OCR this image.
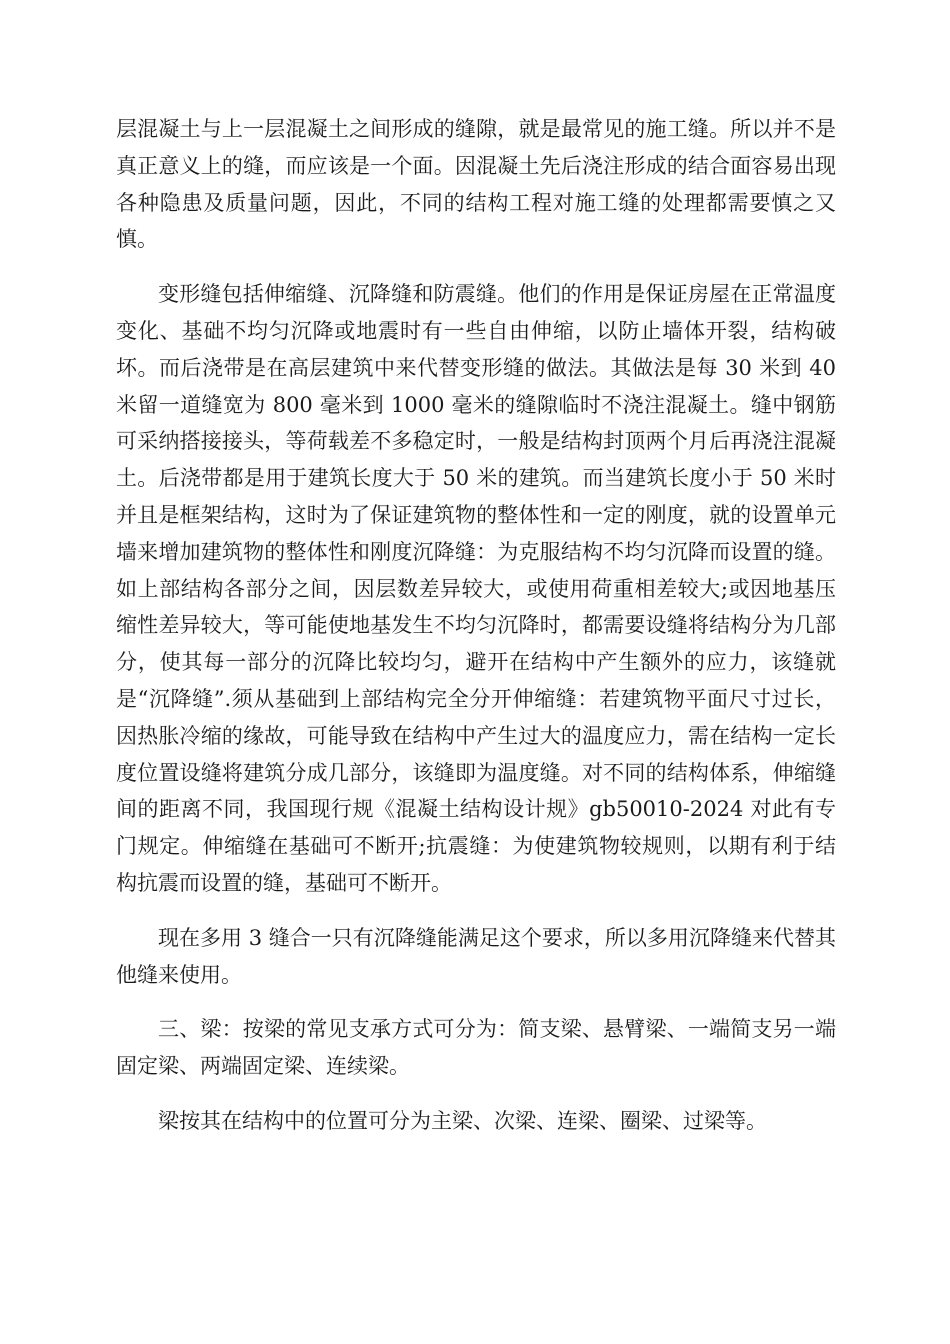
层混凝土与上一层混凝土之间形成的缝隙，就是最常见的施工缝。所以并不是真正意义上的缝，而应该是一个面。因混凝土先后浇注形成的结合面容易出现各种隐患及质量问题，因此，不同的结构工程对施工缝的处理都需要慎之又慎。

变形缝包括伸缩缝、沉降缝和防震缝。他们的作用是保证房屋在正常温度变化、基础不均匀沉降或地震时有一些自由伸缩，以防止墙体开裂，结构破坏。而后浇带是在高层建筑中来代替变形缝的做法。其做法是每 30 米到 40 米留一道缝宽为 800 毫米到 1000 毫米的缝隙临时不浇注混凝土。缝中钢筋可采纳搭接接头，等荷载差不多稳定时，一般是结构封顶两个月后再浇注混凝土。后浇带都是用于建筑长度大于 50 米的建筑。而当建筑长度小于 50 米时并且是框架结构，这时为了保证建筑物的整体性和一定的刚度，就的设置单元墙来增加建筑物的整体性和刚度沉降缝：为克服结构不均匀沉降而设置的缝。如上部结构各部分之间，因层数差异较大，或使用荷重相差较大;或因地基压缩性差异较大，等可能使地基发生不均匀沉降时，都需要设缝将结构分为几部分，使其每一部分的沉降比较均匀，避开在结构中产生额外的应力，该缝就是“沉降缝”.须从基础到上部结构完全分开伸缩缝：若建筑物平面尺寸过长，因热胀冷缩的缘故，可能导致在结构中产生过大的温度应力，需在结构一定长度位置设缝将建筑分成几部分，该缝即为温度缝。对不同的结构体系，伸缩缝间的距离不同，我国现行规《混凝土结构设计规》gb50010-2024 对此有专门规定。伸缩缝在基础可不断开;抗震缝：为使建筑物较规则，以期有利于结构抗震而设置的缝，基础可不断开。

现在多用 3 缝合一只有沉降缝能满足这个要求，所以多用沉降缝来代替其他缝来使用。

三、梁：按梁的常见支承方式可分为：简支梁、悬臂梁、一端简支另一端固定梁、两端固定梁、连续梁。

梁按其在结构中的位置可分为主梁、次梁、连梁、圈梁、过梁等。
